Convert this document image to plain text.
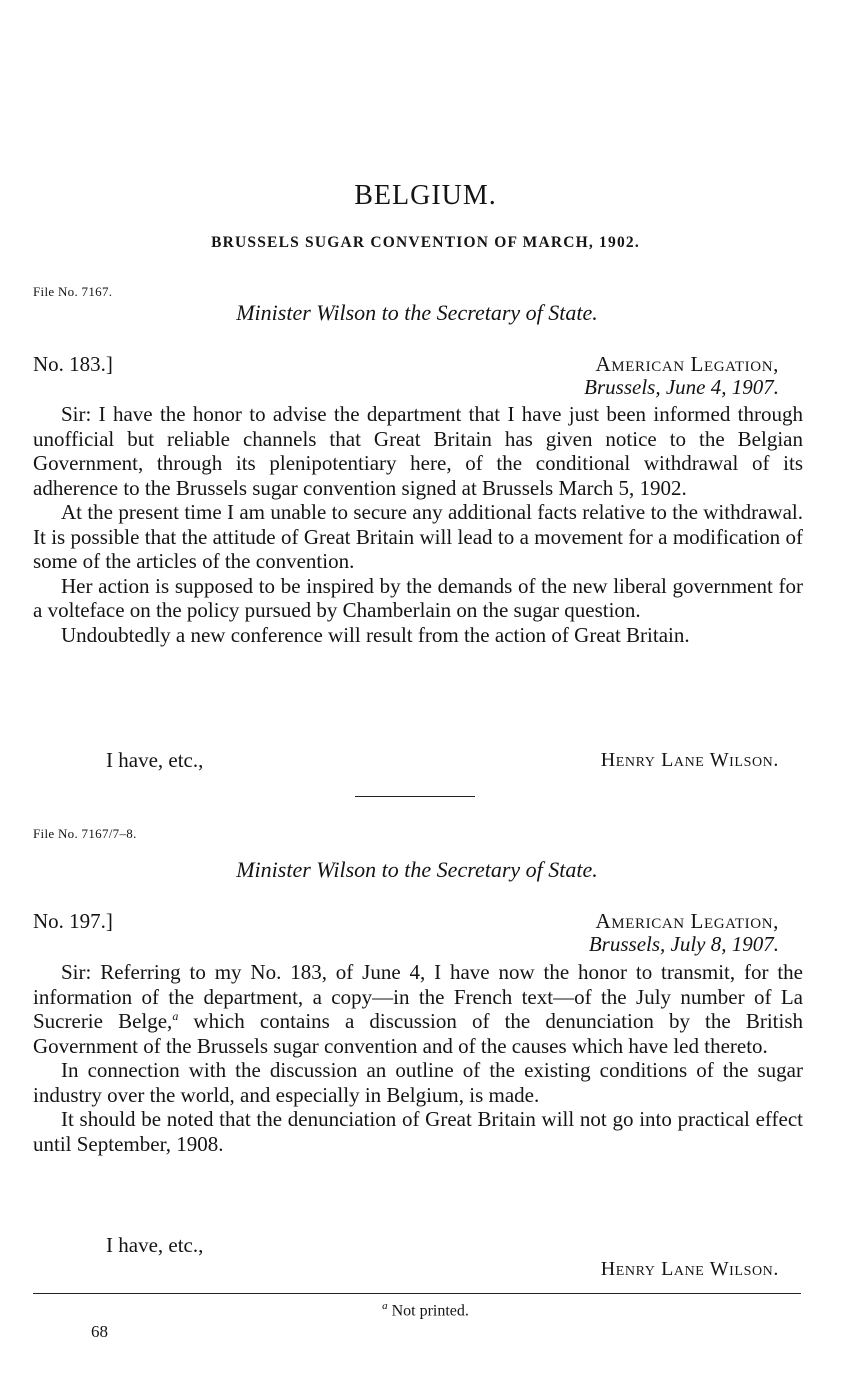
BELGIUM.
BRUSSELS SUGAR CONVENTION OF MARCH, 1902.
File No. 7167.
Minister Wilson to the Secretary of State.
No. 183.]	American Legation,
Brussels, June 4, 1907.

Sir: I have the honor to advise the department that I have just been informed through unofficial but reliable channels that Great Britain has given notice to the Belgian Government, through its plenipotentiary here, of the conditional withdrawal of its adherence to the Brussels sugar convention signed at Brussels March 5, 1902.

At the present time I am unable to secure any additional facts relative to the withdrawal. It is possible that the attitude of Great Britain will lead to a movement for a modification of some of the articles of the convention.

Her action is supposed to be inspired by the demands of the new liberal government for a volteface on the policy pursued by Chamberlain on the sugar question.

Undoubtedly a new conference will result from the action of Great Britain.

I have, etc.,	Henry Lane Wilson.
File No. 7167/7–8.
Minister Wilson to the Secretary of State.
No. 197.]	American Legation,
Brussels, July 8, 1907.

Sir: Referring to my No. 183, of June 4, I have now the honor to transmit, for the information of the department, a copy—in the French text—of the July number of La Sucrerie Belge,$^a$ which contains a discussion of the denunciation by the British Government of the Brussels sugar convention and of the causes which have led thereto.

In connection with the discussion an outline of the existing conditions of the sugar industry over the world, and especially in Belgium, is made.

It should be noted that the denunciation of Great Britain will not go into practical effect until September, 1908.

I have, etc.,
Henry Lane Wilson.
$^a$ Not printed.
68
